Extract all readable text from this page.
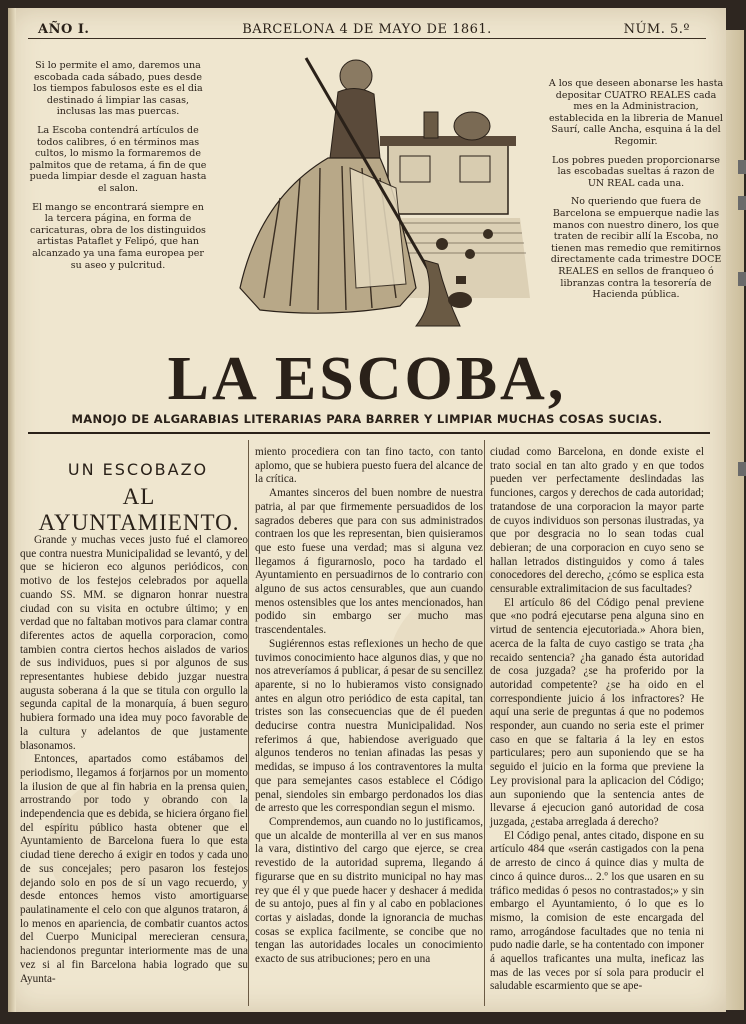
AÑO I.	BARCELONA 4 DE MAYO DE 1861.	NÚM. 5.º

Si lo permite el amo, daremos una escobada cada sábado, pues desde los tiempos fabulosos este es el dia destinado á limpiar las casas, inclusas las mas puercas.

La Escoba contendrá artículos de todos calibres, ó en términos mas cultos, lo mismo la formaremos de palmitos que de retama, á fin de que pueda limpiar desde el zaguan hasta el salon.

El mango se encontrará siempre en la tercera página, en forma de caricaturas, obra de los distinguidos artistas Pataflet y Felipó, que han alcanzado ya una fama europea per su aseo y pulcritud.

A los que deseen abonarse les hasta depositar CUATRO REALES cada mes en la Administracion, establecida en la libreria de Manuel Saurí, calle Ancha, esquina á la del Regomir.

Los pobres pueden proporcionarse las escobadas sueltas á razon de UN REAL cada una.

No queriendo que fuera de Barcelona se empuerque nadie las manos con nuestro dinero, los que traten de recibir allí la Escoba, no tienen mas remedio que remitirnos directamente cada trimestre DOCE REALES en sellos de franqueo ó libranzas contra la tesorería de Hacienda pública.

LA ESCOBA,
MANOJO DE ALGARABIAS LITERARIAS PARA BARRER Y LIMPIAR MUCHAS COSAS SUCIAS.
UN ESCOBAZO
AL AYUNTAMIENTO.

Grande y muchas veces justo fué el clamoreo que contra nuestra Municipalidad se levantó, y del que se hicieron eco algunos periódicos, con motivo de los festejos celebrados por aquella cuando SS. MM. se dignaron honrar nuestra ciudad con su visita en octubre último; y en verdad que no faltaban motivos para clamar contra diferentes actos de aquella corporacion, como tambien contra ciertos hechos aislados de varios de sus individuos, pues si por algunos de sus representantes hubiese debido juzgar nuestra augusta soberana á la que se titula con orgullo la segunda capital de la monarquía, á buen seguro hubiera formado una idea muy poco favorable de la cultura y adelantos de que justamente blasonamos.

Entonces, apartados como estábamos del periodismo, llegamos á forjarnos por un momento la ilusion de que al fin habria en la prensa quien, arrostrando por todo y obrando con la independencia que es debida, se hiciera órgano fiel del espíritu público hasta obtener que el Ayuntamiento de Barcelona fuera lo que esta ciudad tiene derecho á exigir en todos y cada uno de sus concejales; pero pasaron los festejos dejando solo en pos de sí un vago recuerdo, y desde entonces hemos visto amortiguarse paulatinamente el celo con que algunos trataron, á lo menos en apariencia, de combatir cuantos actos del Cuerpo Municipal merecieran censura, haciendonos preguntar interiormente mas de una vez si al fin Barcelona habia logrado que su Ayunta-

miento procediera con tan fino tacto, con tanto aplomo, que se hubiera puesto fuera del alcance de la crítica.

Amantes sinceros del buen nombre de nuestra patria, al par que firmemente persuadidos de los sagrados deberes que para con sus administrados contraen los que les representan, bien quisieramos que esto fuese una verdad; mas si alguna vez llegamos á figurarnoslo, poco ha tardado el Ayuntamiento en persuadirnos de lo contrario con alguno de sus actos censurables, que aun cuando menos ostensibles que los antes mencionados, han podido sin embargo ser mucho mas trascendentales.

Sugiérennos estas reflexiones un hecho de que tuvimos conocimiento hace algunos dias, y que no nos atreveríamos á publicar, á pesar de su sencillez aparente, si no lo hubieramos visto consignado antes en algun otro periódico de esta capital, tan tristes son las consecuencias que de él pueden deducirse contra nuestra Municipalidad. Nos referimos á que, habiendose averiguado que algunos tenderos no tenian afinadas las pesas y medidas, se impuso á los contraventores la multa que para semejantes casos establece el Código penal, siendoles sin embargo perdonados los dias de arresto que les correspondian segun el mismo.

Comprendemos, aun cuando no lo justificamos, que un alcalde de monterilla al ver en sus manos la vara, distintivo del cargo que ejerce, se crea revestido de la autoridad suprema, llegando á figurarse que en su distrito municipal no hay mas rey que él y que puede hacer y deshacer á medida de su antojo, pues al fin y al cabo en poblaciones cortas y aisladas, donde la ignorancia de muchas cosas se explica facilmente, se concibe que no tengan las autoridades locales un conocimiento exacto de sus atribuciones; pero en una

ciudad como Barcelona, en donde existe el trato social en tan alto grado y en que todos pueden ver perfectamente deslindadas las funciones, cargos y derechos de cada autoridad; tratandose de una corporacion la mayor parte de cuyos individuos son personas ilustradas, ya que por desgracia no lo sean todas cual debieran; de una corporacion en cuyo seno se hallan letrados distinguidos y como á tales conocedores del derecho, ¿cómo se esplica esta censurable extralimitacion de sus facultades?

El artículo 86 del Código penal previene que «no podrá ejecutarse pena alguna sino en virtud de sentencia ejecutoriada.» Ahora bien, acerca de la falta de cuyo castigo se trata ¿ha recaido sentencia? ¿ha ganado ésta autoridad de cosa juzgada? ¿se ha proferido por la autoridad competente? ¿se ha oido en el correspondiente juicio á los infractores? He aquí una serie de preguntas á que no podemos responder, aun cuando no seria este el primer caso en que se faltaria á la ley en estos particulares; pero aun suponiendo que se ha seguido el juicio en la forma que previene la Ley provisional para la aplicacion del Código; aun suponiendo que la sentencia antes de llevarse á ejecucion ganó autoridad de cosa juzgada, ¿estaba arreglada á derecho?

El Código penal, antes citado, dispone en su artículo 484 que «serán castigados con la pena de arresto de cinco á quince dias y multa de cinco á quince duros... 2.º los que usaren en su tráfico medidas ó pesos no contrastados;» y sin embargo el Ayuntamiento, ó lo que es lo mismo, la comision de este encargada del ramo, arrogándose facultades que no tenia ni pudo nadie darle, se ha contentado con imponer á aquellos traficantes una multa, ineficaz las mas de las veces por sí sola para producir el saludable escarmiento que se ape-
